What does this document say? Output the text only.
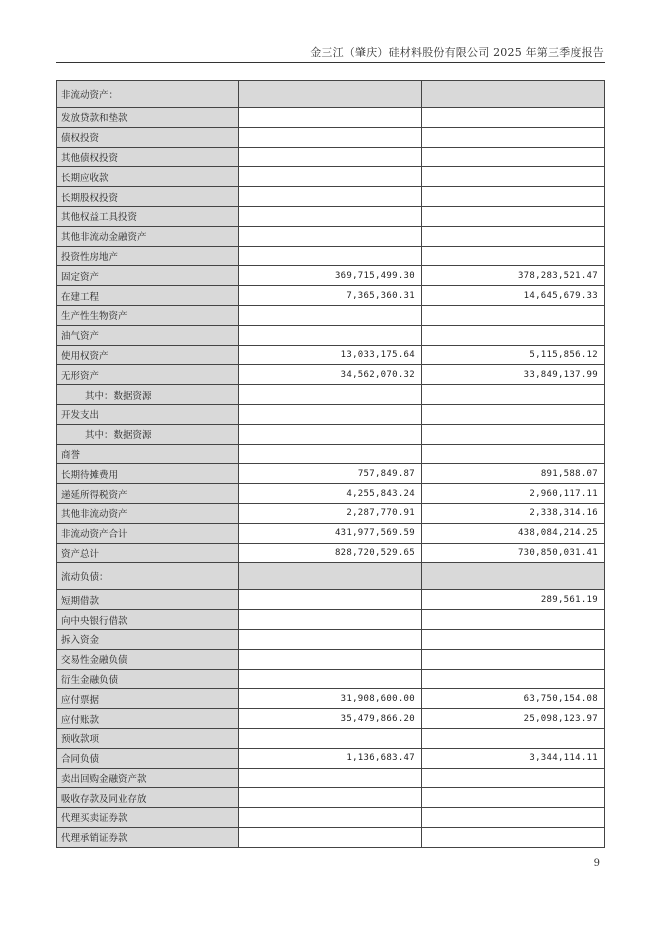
金三江（肇庆）硅材料股份有限公司 2025 年第三季度报告
非流动资产：		
发放贷款和垫款		
债权投资		
其他债权投资		
长期应收款		
长期股权投资		
其他权益工具投资		
其他非流动金融资产		
投资性房地产		
固定资产	369,715,499.30	378,283,521.47
在建工程	7,365,360.31	14,645,679.33
生产性生物资产		
油气资产		
使用权资产	13,033,175.64	5,115,856.12
无形资产	34,562,070.32	33,849,137.99
其中：数据资源		
开发支出		
其中：数据资源		
商誉		
长期待摊费用	757,849.87	891,588.07
递延所得税资产	4,255,843.24	2,960,117.11
其他非流动资产	2,287,770.91	2,338,314.16
非流动资产合计	431,977,569.59	438,084,214.25
资产总计	828,720,529.65	730,850,031.41
流动负债：		
短期借款		289,561.19
向中央银行借款		
拆入资金		
交易性金融负债		
衍生金融负债		
应付票据	31,908,600.00	63,750,154.08
应付账款	35,479,866.20	25,098,123.97
预收款项		
合同负债	1,136,683.47	3,344,114.11
卖出回购金融资产款		
吸收存款及同业存放		
代理买卖证券款		
代理承销证券款		
9
